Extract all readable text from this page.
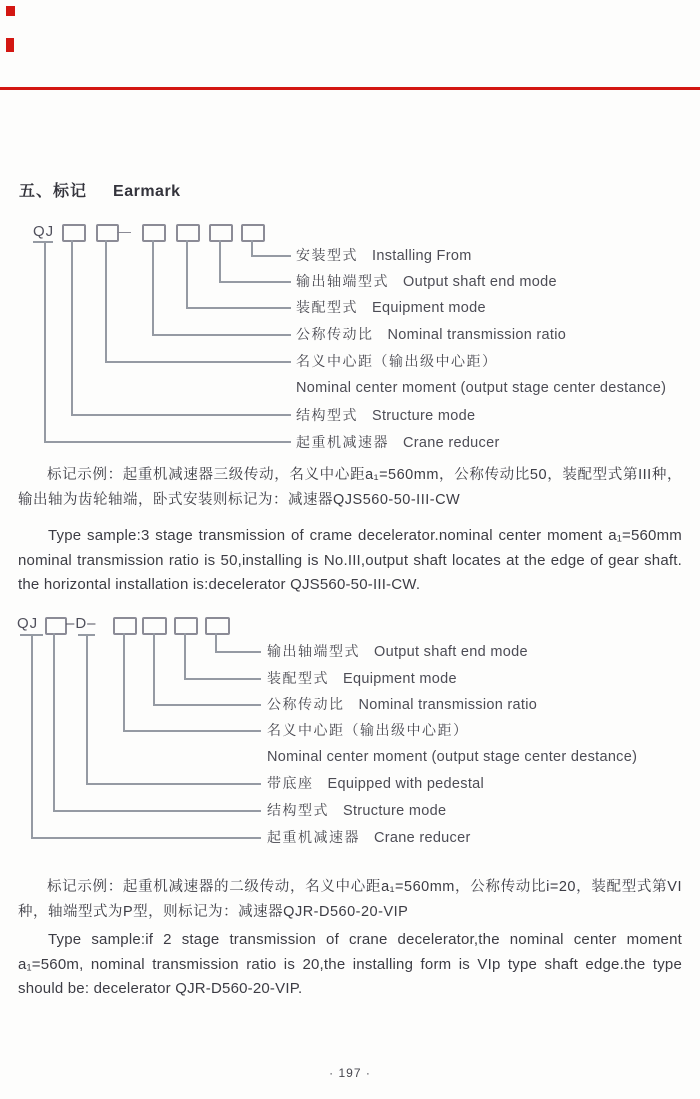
五、标记 Earmark
QJ	—
安装型式 Installing From
输出轴端型式 Output shaft end mode
装配型式 Equipment mode
公称传动比 Nominal transmission ratio
名义中心距（输出级中心距）
Nominal center moment (output stage center destance)
结构型式 Structure mode
起重机减速器 Crane reducer

标记示例：起重机减速器三级传动，名义中心距a₁=560mm，公称传动比50，装配型式第III种，输出轴为齿轮轴端，卧式安装则标记为：减速器QJS560-50-III-CW

Type sample:3 stage transmission of crame decelerator.nominal center moment a₁=560mm nominal transmission ratio is 50,installing is No.III,output shaft locates at the edge of gear shaft. the horizontal installation is:decelerator QJS560-50-III-CW.

QJ –D–
输出轴端型式 Output shaft end mode
装配型式 Equipment mode
公称传动比 Nominal transmission ratio
名义中心距（输出级中心距）
Nominal center moment (output stage center destance)
带底座 Equipped with pedestal
结构型式 Structure mode
起重机减速器 Crane reducer

标记示例：起重机减速器的二级传动，名义中心距a₁=560mm，公称传动比i=20，装配型式第VI种，轴端型式为P型，则标记为：减速器QJR-D560-20-VIP

Type sample:if 2 stage transmission of crane decelerator,the nominal center moment a₁=560m, nominal transmission ratio is 20,the installing form is VIp type shaft edge.the type should be: decelerator QJR-D560-20-VIP.

· 197 ·
